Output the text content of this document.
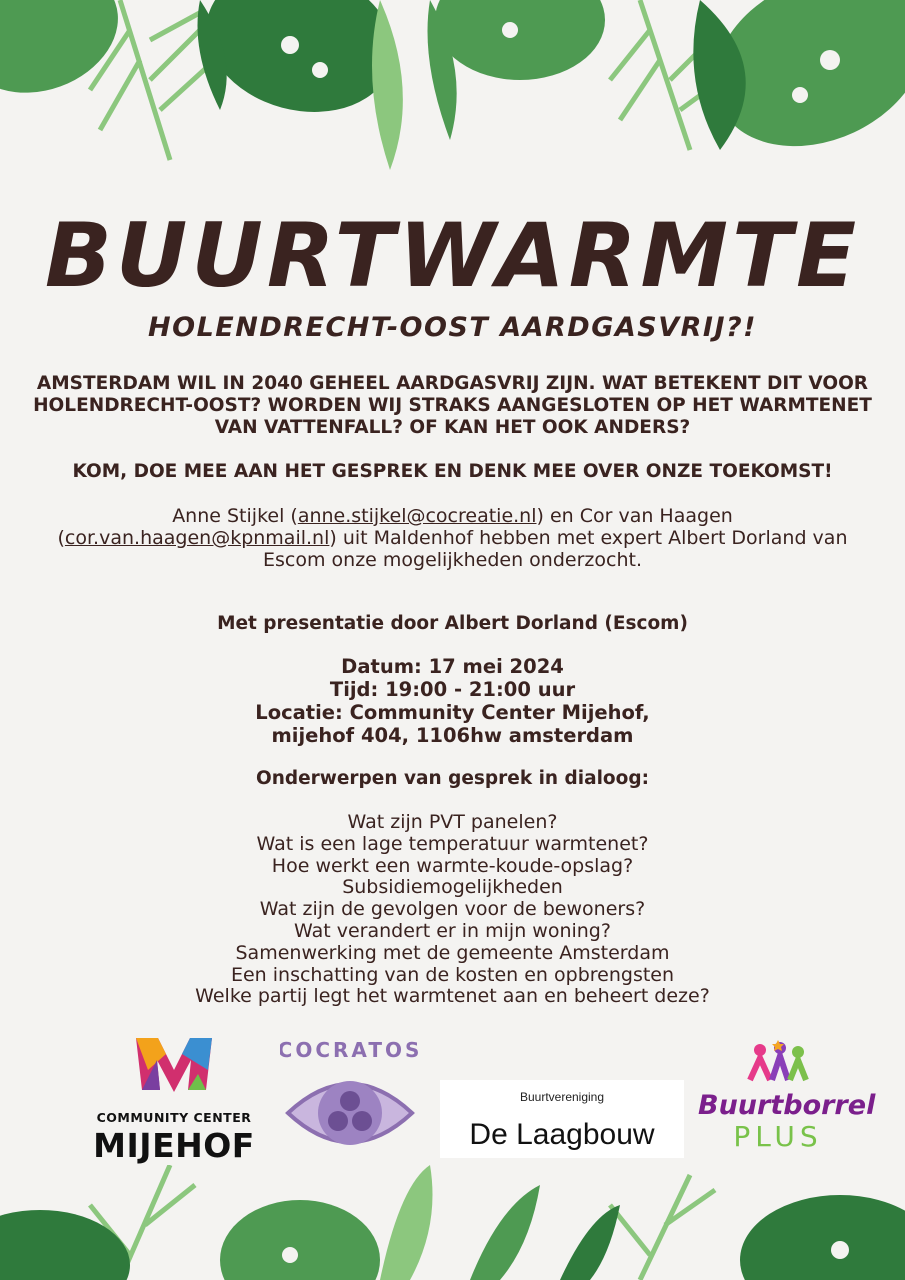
BUURTWARMTE
HOLENDRECHT-OOST AARDGASVRIJ?!

AMSTERDAM WIL IN 2040 GEHEEL AARDGASVRIJ ZIJN. WAT BETEKENT DIT VOOR HOLENDRECHT-OOST? WORDEN WIJ STRAKS AANGESLOTEN OP HET WARMTENET VAN VATTENFALL? OF KAN HET OOK ANDERS?

KOM, DOE MEE AAN HET GESPREK EN DENK MEE OVER ONZE TOEKOMST!

Anne Stijkel (anne.stijkel@cocreatie.nl) en Cor van Haagen (cor.van.haagen@kpnmail.nl) uit Maldenhof hebben met expert Albert Dorland van Escom onze mogelijkheden onderzocht.

Met presentatie door Albert Dorland (Escom)

Datum: 17 mei 2024
Tijd: 19:00 - 21:00 uur
Locatie: Community Center Mijehof,
mijehof 404, 1106hw amsterdam

Onderwerpen van gesprek in dialoog:

Wat zijn PVT panelen?
Wat is een lage temperatuur warmtenet?
Hoe werkt een warmte-koude-opslag?
Subsidiemogelijkheden
Wat zijn de gevolgen voor de bewoners?
Wat verandert er in mijn woning?
Samenwerking met de gemeente Amsterdam
Een inschatting van de kosten en opbrengsten
Welke partij legt het warmtenet aan en beheert deze?
COMMUNITY CENTER
MIJEHOF
COCRATOS
Buurtvereniging
De Laagbouw
Buurtborrel
PLUS
